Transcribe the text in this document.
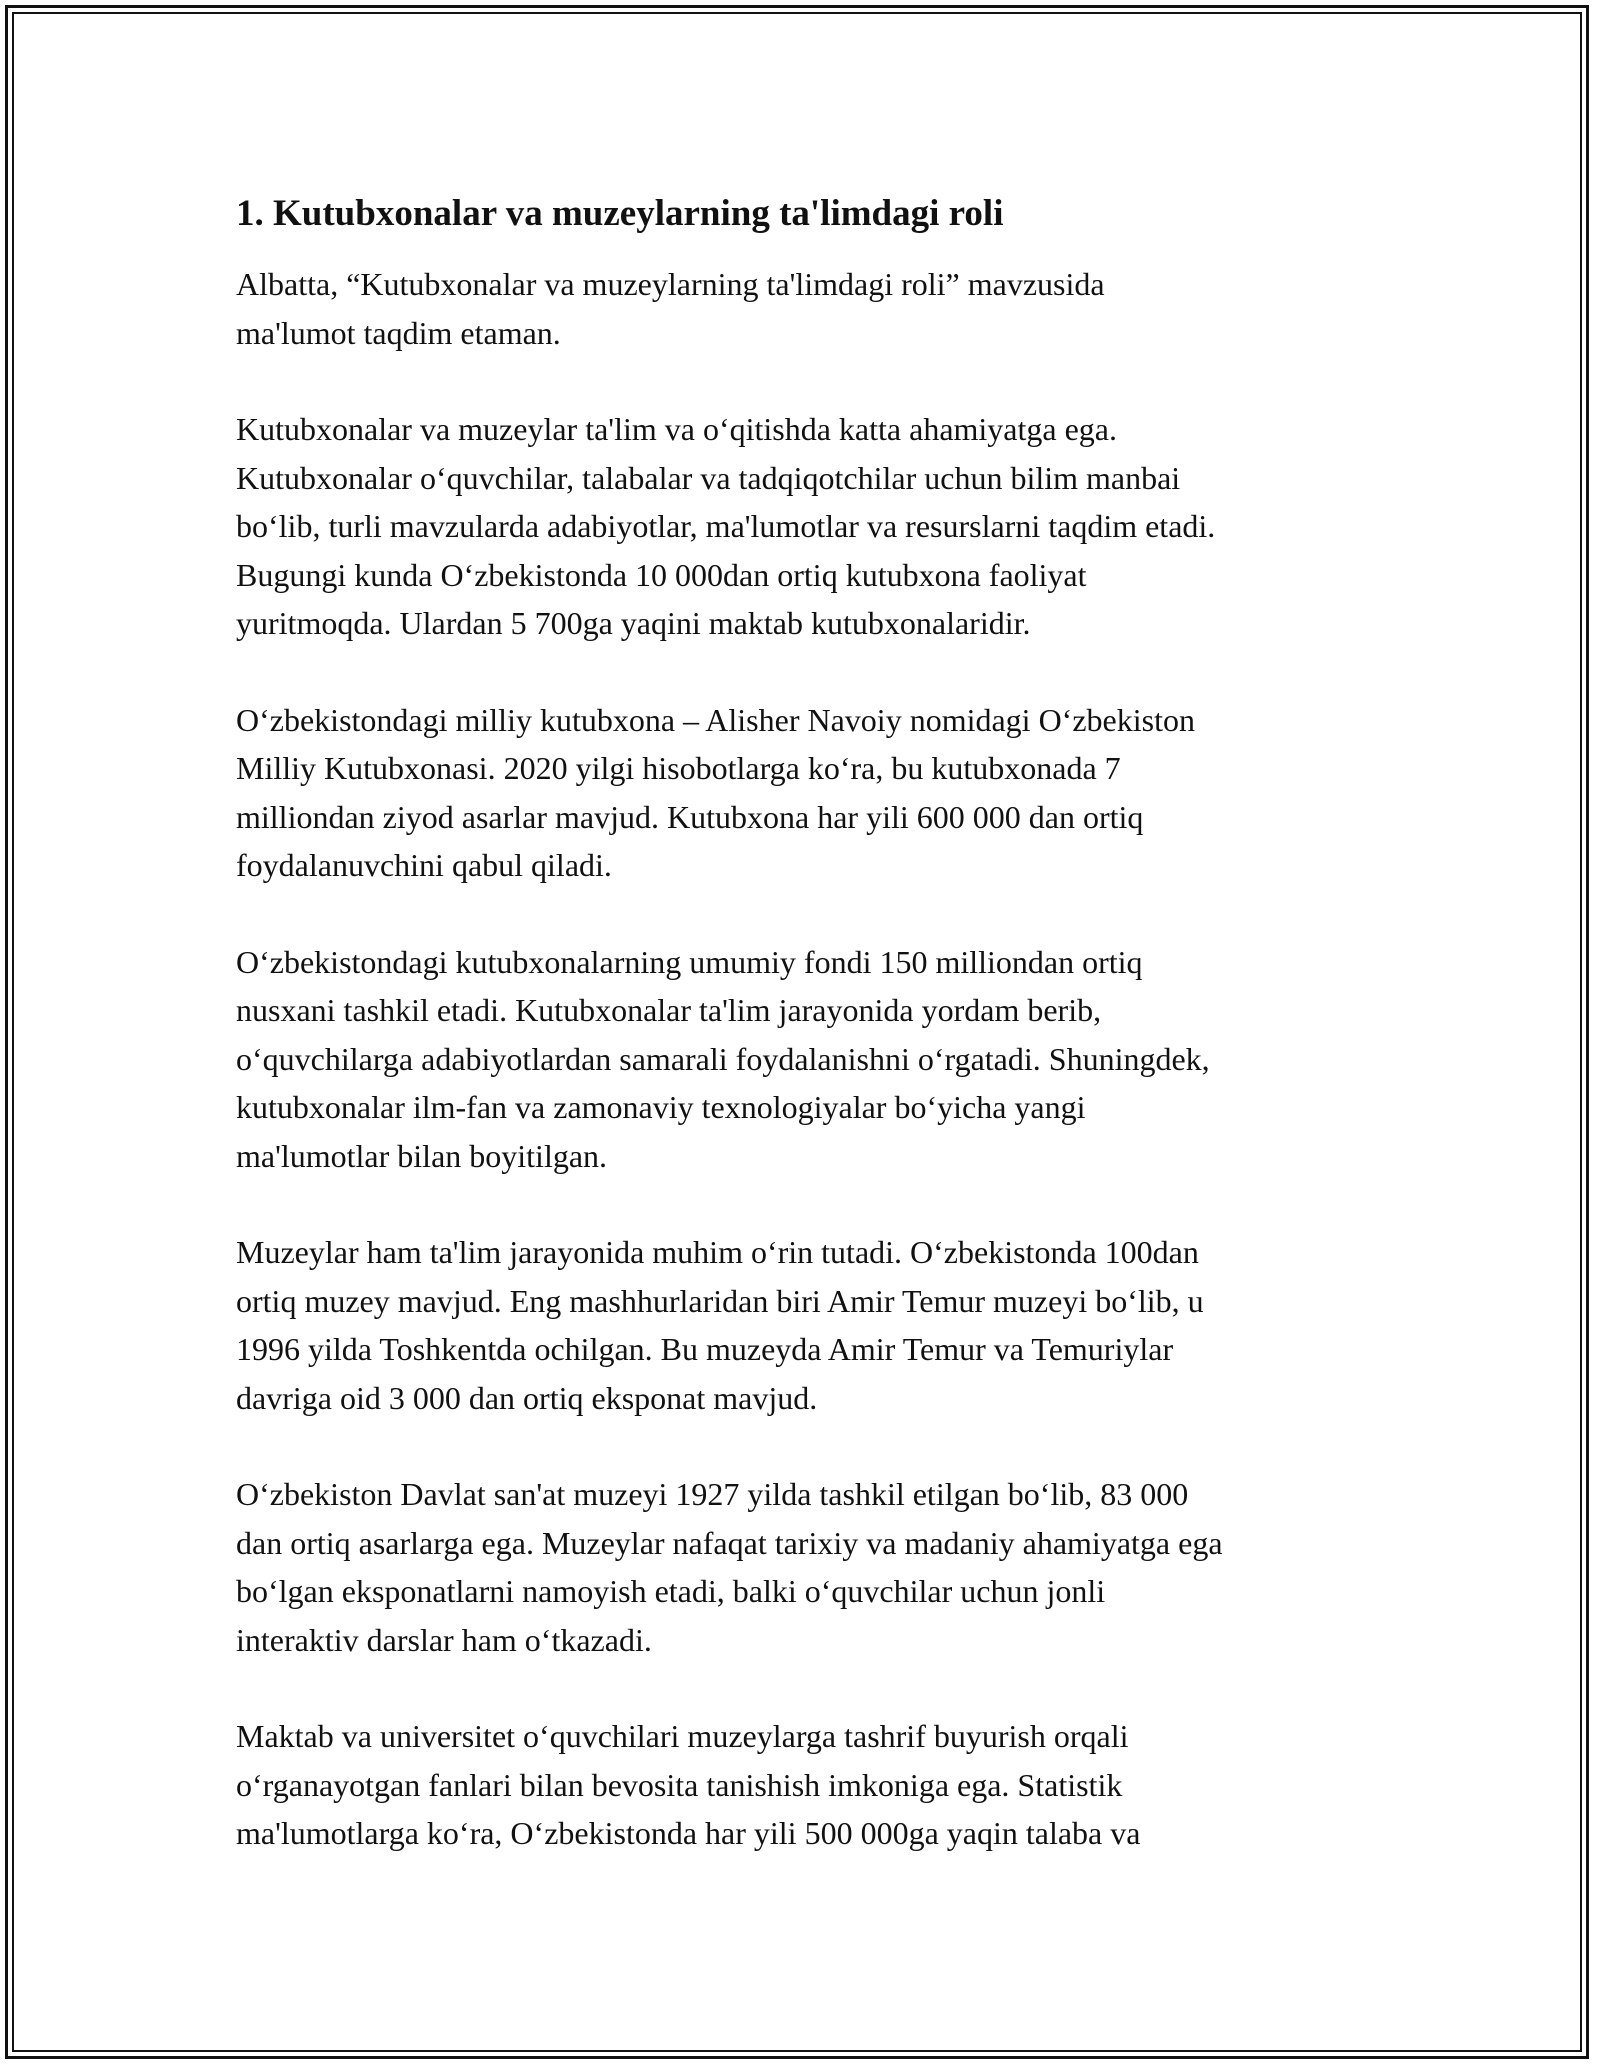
1. Kutubxonalar va muzeylarning ta'limdagi roli

Albatta, “Kutubxonalar va muzeylarning ta'limdagi roli” mavzusida
ma'lumot taqdim etaman.

Kutubxonalar va muzeylar ta'lim va o‘qitishda katta ahamiyatga ega.
Kutubxonalar o‘quvchilar, talabalar va tadqiqotchilar uchun bilim manbai
bo‘lib, turli mavzularda adabiyotlar, ma'lumotlar va resurslarni taqdim etadi.
Bugungi kunda O‘zbekistonda 10 000dan ortiq kutubxona faoliyat
yuritmoqda. Ulardan 5 700ga yaqini maktab kutubxonalaridir.

O‘zbekistondagi milliy kutubxona – Alisher Navoiy nomidagi O‘zbekiston
Milliy Kutubxonasi. 2020 yilgi hisobotlarga ko‘ra, bu kutubxonada 7
milliondan ziyod asarlar mavjud. Kutubxona har yili 600 000 dan ortiq
foydalanuvchini qabul qiladi.

O‘zbekistondagi kutubxonalarning umumiy fondi 150 milliondan ortiq
nusxani tashkil etadi. Kutubxonalar ta'lim jarayonida yordam berib,
o‘quvchilarga adabiyotlardan samarali foydalanishni o‘rgatadi. Shuningdek,
kutubxonalar ilm-fan va zamonaviy texnologiyalar bo‘yicha yangi
ma'lumotlar bilan boyitilgan.

Muzeylar ham ta'lim jarayonida muhim o‘rin tutadi. O‘zbekistonda 100dan
ortiq muzey mavjud. Eng mashhurlaridan biri Amir Temur muzeyi bo‘lib, u
1996 yilda Toshkentda ochilgan. Bu muzeyda Amir Temur va Temuriylar
davriga oid 3 000 dan ortiq eksponat mavjud.

O‘zbekiston Davlat san'at muzeyi 1927 yilda tashkil etilgan bo‘lib, 83 000
dan ortiq asarlarga ega. Muzeylar nafaqat tarixiy va madaniy ahamiyatga ega
bo‘lgan eksponatlarni namoyish etadi, balki o‘quvchilar uchun jonli
interaktiv darslar ham o‘tkazadi.

Maktab va universitet o‘quvchilari muzeylarga tashrif buyurish orqali
o‘rganayotgan fanlari bilan bevosita tanishish imkoniga ega. Statistik
ma'lumotlarga ko‘ra, O‘zbekistonda har yili 500 000ga yaqin talaba va
